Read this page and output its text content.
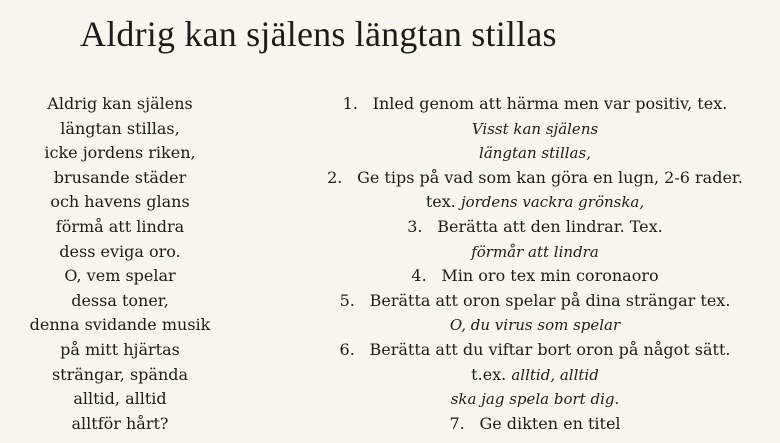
Aldrig kan själens längtan stillas
Aldrig kan själens
längtan stillas,
icke jordens riken,
brusande städer
och havens glans
förmå att lindra
dess eviga oro.
O, vem spelar
dessa toner,
denna svidande musik
på mitt hjärtas
strängar, spända
alltid, alltid
alltför hårt?
1. Inled genom att härma men var positiv, tex.
Visst kan själens
längtan stillas,
2. Ge tips på vad som kan göra en lugn, 2-6 rader.
tex. jordens vackra grönska,
3. Berätta att den lindrar. Tex.
förmår att lindra
4. Min oro tex min coronaoro
5. Berätta att oron spelar på dina strängar tex.
O, du virus som spelar
6. Berätta att du viftar bort oron på något sätt.
t.ex. alltid, alltid
ska jag spela bort dig.
7. Ge dikten en titel
